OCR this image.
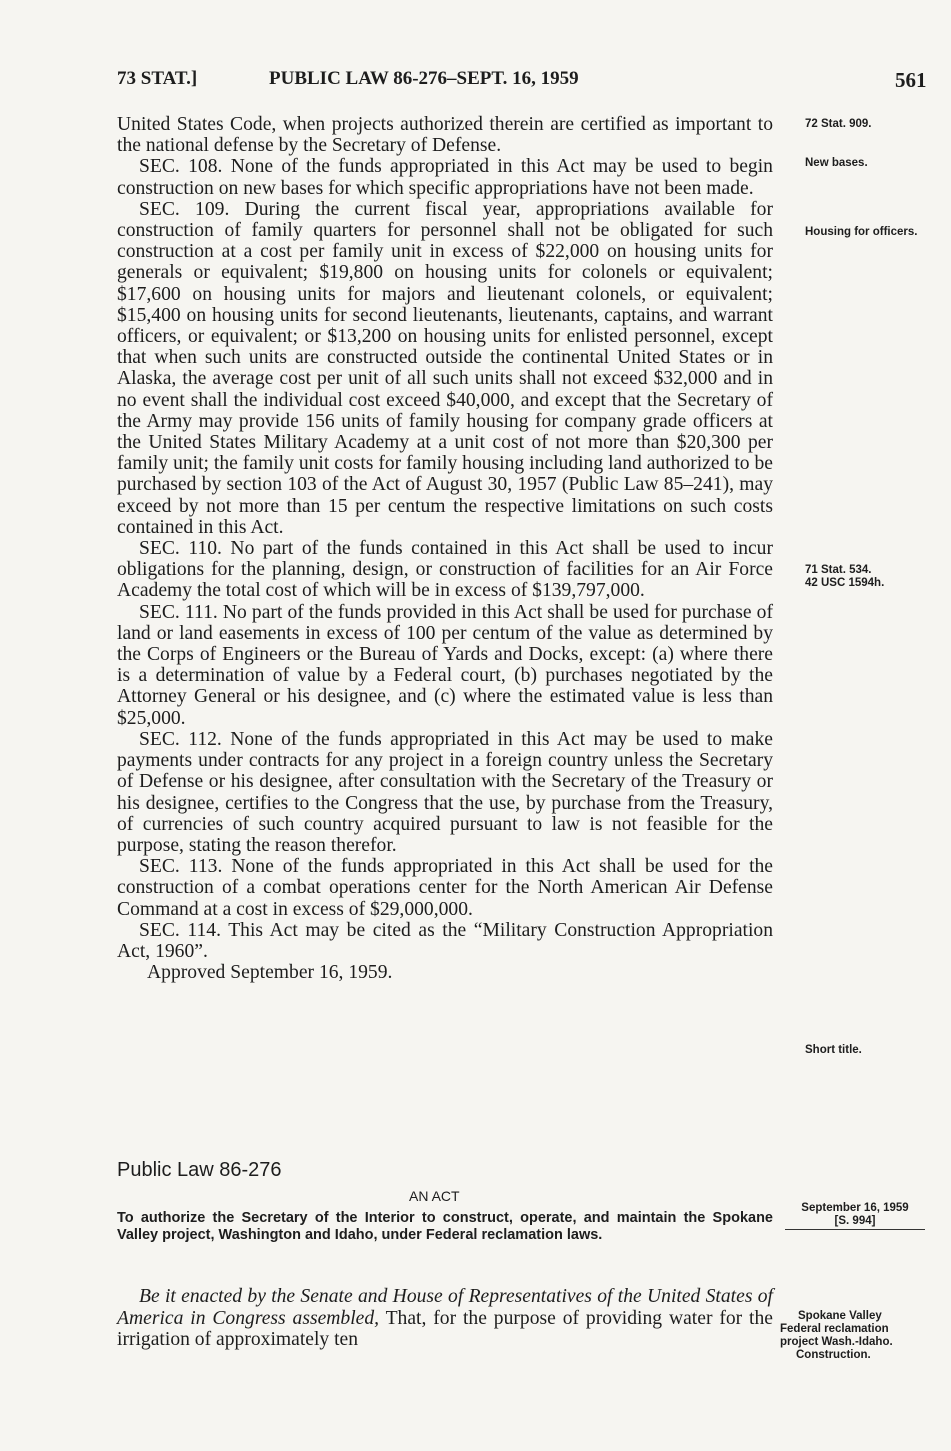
73 STAT.]	PUBLIC LAW 86-276–SEPT. 16, 1959	561

United States Code, when projects authorized therein are certified as important to the national defense by the Secretary of Defense.

SEC. 108. None of the funds appropriated in this Act may be used to begin construction on new bases for which specific appropriations have not been made.

SEC. 109. During the current fiscal year, appropriations available for construction of family quarters for personnel shall not be obligated for such construction at a cost per family unit in excess of $22,000 on housing units for generals or equivalent; $19,800 on housing units for colonels or equivalent; $17,600 on housing units for majors and lieutenant colonels, or equivalent; $15,400 on housing units for second lieutenants, lieutenants, captains, and warrant officers, or equivalent; or $13,200 on housing units for enlisted personnel, except that when such units are constructed outside the continental United States or in Alaska, the average cost per unit of all such units shall not exceed $32,000 and in no event shall the individual cost exceed $40,000, and except that the Secretary of the Army may provide 156 units of family housing for company grade officers at the United States Military Academy at a unit cost of not more than $20,300 per family unit; the family unit costs for family housing including land authorized to be purchased by section 103 of the Act of August 30, 1957 (Public Law 85–241), may exceed by not more than 15 per centum the respective limitations on such costs contained in this Act.

SEC. 110. No part of the funds contained in this Act shall be used to incur obligations for the planning, design, or construction of facilities for an Air Force Academy the total cost of which will be in excess of $139,797,000.

SEC. 111. No part of the funds provided in this Act shall be used for purchase of land or land easements in excess of 100 per centum of the value as determined by the Corps of Engineers or the Bureau of Yards and Docks, except: (a) where there is a determination of value by a Federal court, (b) purchases negotiated by the Attorney General or his designee, and (c) where the estimated value is less than $25,000.

SEC. 112. None of the funds appropriated in this Act may be used to make payments under contracts for any project in a foreign country unless the Secretary of Defense or his designee, after consultation with the Secretary of the Treasury or his designee, certifies to the Congress that the use, by purchase from the Treasury, of currencies of such country acquired pursuant to law is not feasible for the purpose, stating the reason therefor.

SEC. 113. None of the funds appropriated in this Act shall be used for the construction of a combat operations center for the North American Air Defense Command at a cost in excess of $29,000,000.

SEC. 114. This Act may be cited as the “Military Construction Appropriation Act, 1960”.

Approved September 16, 1959.

Public Law 86-276
AN ACT
To authorize the Secretary of the Interior to construct, operate, and maintain the Spokane Valley project, Washington and Idaho, under Federal reclamation laws.

Be it enacted by the Senate and House of Representatives of the United States of America in Congress assembled, That, for the purpose of providing water for the irrigation of approximately ten

72 Stat. 909.
New bases.
Housing for officers.
71 Stat. 534.
42 USC 1594h.
Short title.
September 16, 1959
[S. 994]
Spokane Valley
Federal reclamation project Wash.-Idaho.
Construction.
